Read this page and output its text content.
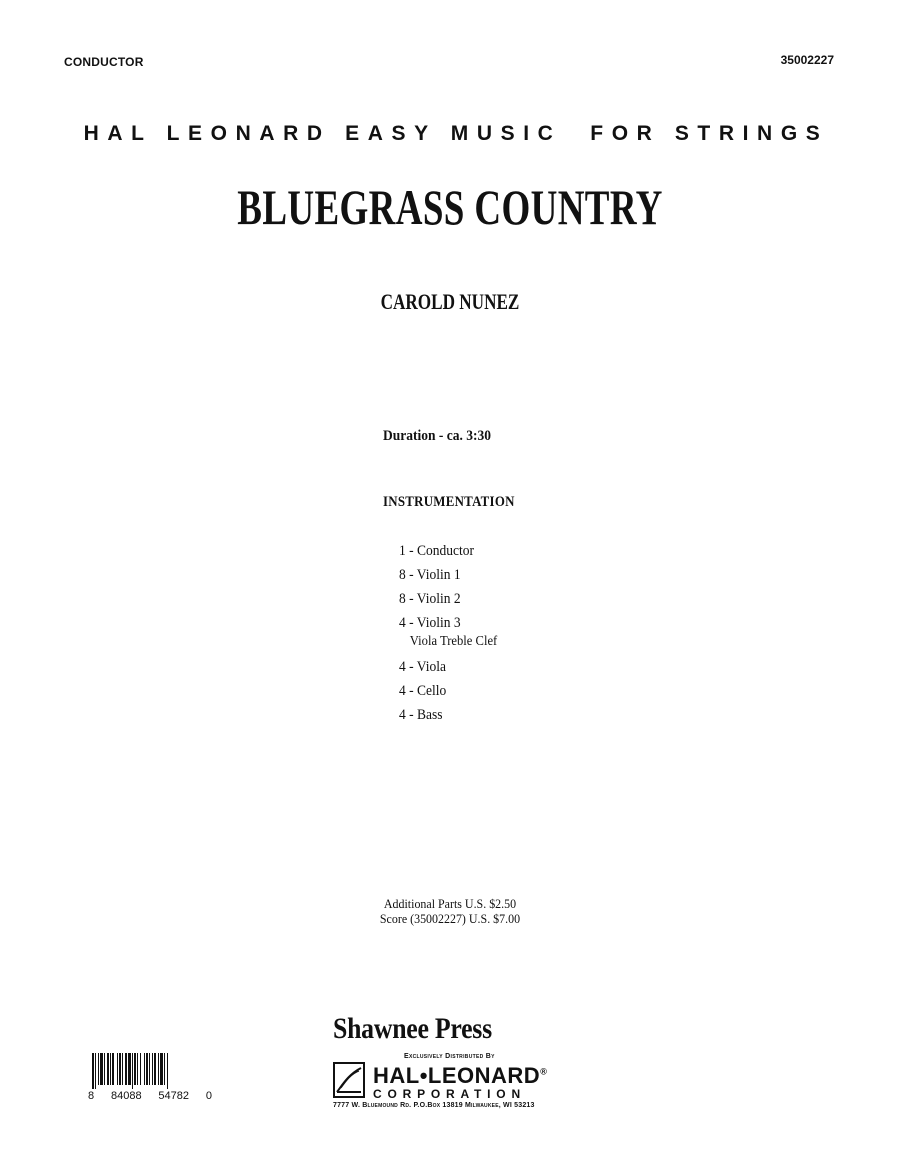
CONDUCTOR	35002227
HAL LEONARD EASY MUSIC  FOR STRINGS
BLUEGRASS COUNTRY
CAROLD NUNEZ
Duration - ca. 3:30
INSTRUMENTATION
1 - Conductor
8 - Violin 1
8 - Violin 2
4 - Violin 3
Viola Treble Clef
4 - Viola
4 - Cello
4 - Bass
Additional Parts U.S. $2.50
Score (35002227) U.S. $7.00
Shawnee Press
Exclusively Distributed By
HAL•LEONARD®
CORPORATION
7777 W. Bluemound Rd. P.O.Box 13819 Milwaukee, WI 53213
8 84088 54782 0
